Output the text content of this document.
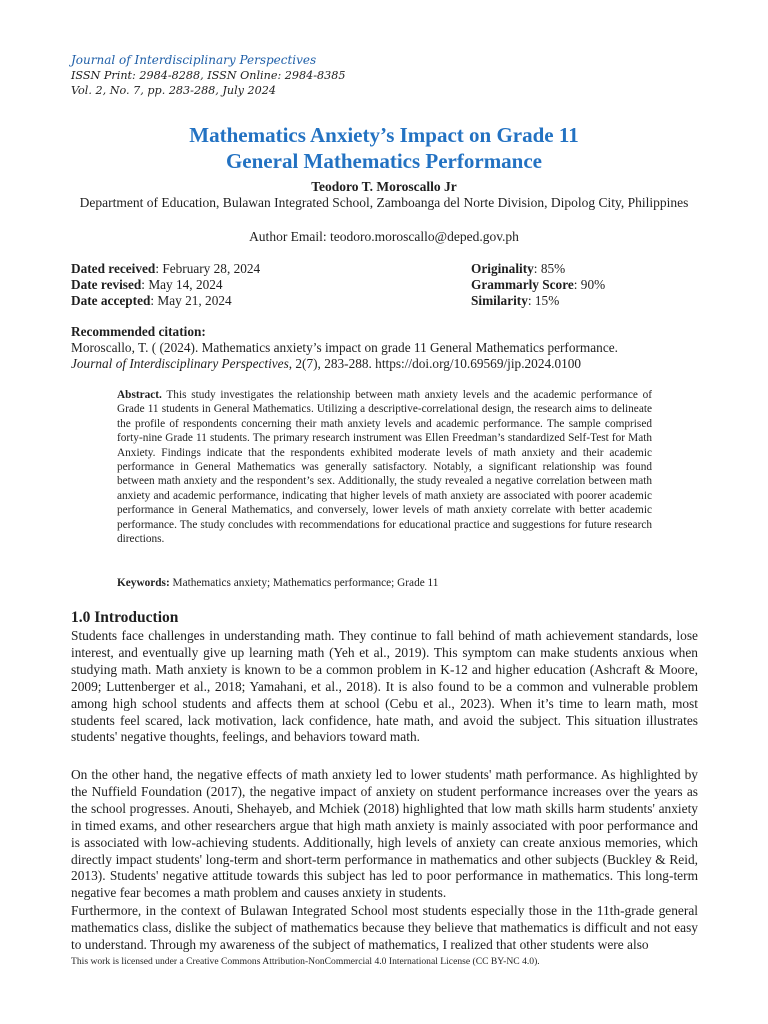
Journal of Interdisciplinary Perspectives
ISSN Print: 2984-8288, ISSN Online: 2984-8385
Vol. 2, No. 7, pp. 283-288, July 2024
Mathematics Anxiety’s Impact on Grade 11
General Mathematics Performance
Teodoro T. Moroscallo Jr
Department of Education, Bulawan Integrated School, Zamboanga del Norte Division, Dipolog City, Philippines
Author Email: teodoro.moroscallo@deped.gov.ph
Dated received: February 28, 2024
Date revised: May 14, 2024
Date accepted: May 21, 2024
Originality: 85%
Grammarly Score: 90%
Similarity: 15%
Recommended citation:
Moroscallo, T. ( (2024). Mathematics anxiety’s impact on grade 11 General Mathematics performance.
Journal of Interdisciplinary Perspectives, 2(7), 283-288. https://doi.org/10.69569/jip.2024.0100
Abstract. This study investigates the relationship between math anxiety levels and the academic performance of Grade 11 students in General Mathematics. Utilizing a descriptive-correlational design, the research aims to delineate the profile of respondents concerning their math anxiety levels and academic performance. The sample comprised forty-nine Grade 11 students. The primary research instrument was Ellen Freedman’s standardized Self-Test for Math Anxiety. Findings indicate that the respondents exhibited moderate levels of math anxiety and their academic performance in General Mathematics was generally satisfactory. Notably, a significant relationship was found between math anxiety and the respondent’s sex. Additionally, the study revealed a negative correlation between math anxiety and academic performance, indicating that higher levels of math anxiety are associated with poorer academic performance in General Mathematics, and conversely, lower levels of math anxiety correlate with better academic performance. The study concludes with recommendations for educational practice and suggestions for future research directions.
Keywords: Mathematics anxiety; Mathematics performance; Grade 11
1.0 Introduction
Students face challenges in understanding math. They continue to fall behind of math achievement standards, lose interest, and eventually give up learning math (Yeh et al., 2019). This symptom can make students anxious when studying math. Math anxiety is known to be a common problem in K-12 and higher education (Ashcraft & Moore, 2009; Luttenberger et al., 2018; Yamahani, et al., 2018). It is also found to be a common and vulnerable problem among high school students and affects them at school (Cebu et al., 2023). When it’s time to learn math, most students feel scared, lack motivation, lack confidence, hate math, and avoid the subject. This situation illustrates students' negative thoughts, feelings, and behaviors toward math.
On the other hand, the negative effects of math anxiety led to lower students' math performance. As highlighted by the Nuffield Foundation (2017), the negative impact of anxiety on student performance increases over the years as the school progresses. Anouti, Shehayeb, and Mchiek (2018) highlighted that low math skills harm students' anxiety in timed exams, and other researchers argue that high math anxiety is mainly associated with poor performance and is associated with low-achieving students. Additionally, high levels of anxiety can create anxious memories, which directly impact students' long-term and short-term performance in mathematics and other subjects (Buckley & Reid, 2013). Students' negative attitude towards this subject has led to poor performance in mathematics. This long-term negative fear becomes a math problem and causes anxiety in students.
Furthermore, in the context of Bulawan Integrated School most students especially those in the 11th-grade general mathematics class, dislike the subject of mathematics because they believe that mathematics is difficult and not easy to understand. Through my awareness of the subject of mathematics, I realized that other students were also
This work is licensed under a Creative Commons Attribution-NonCommercial 4.0 International License (CC BY-NC 4.0).
